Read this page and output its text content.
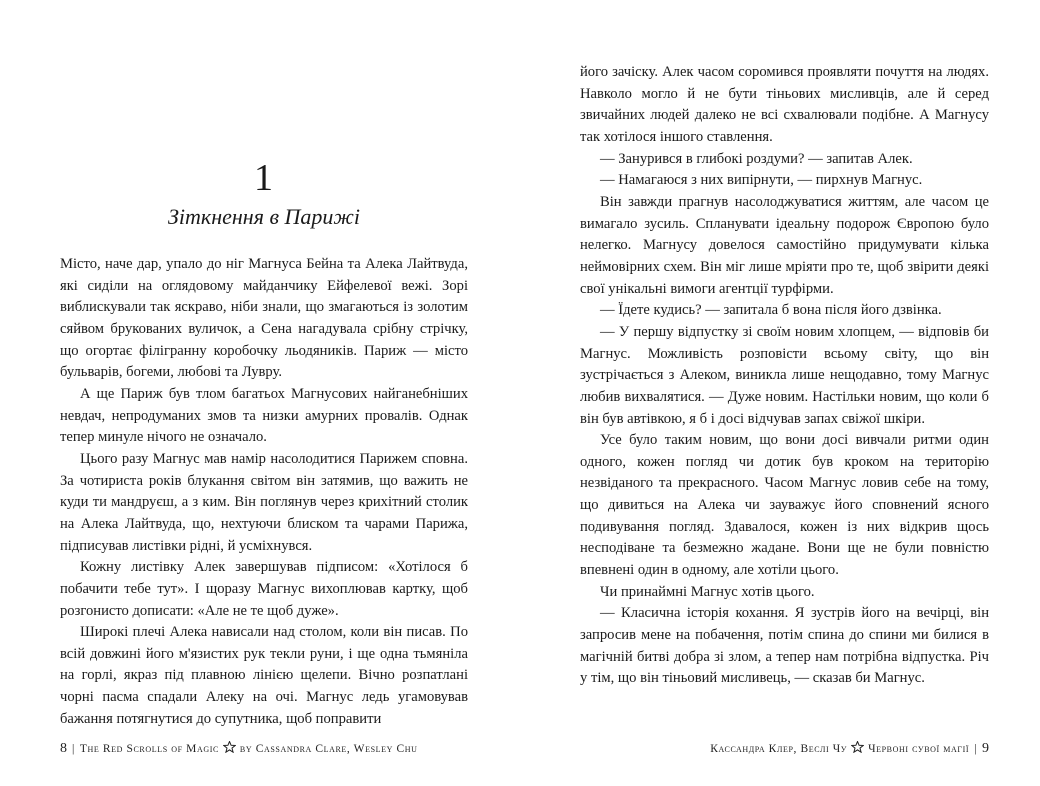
1
Зіткнення в Парижі

Місто, наче дар, упало до ніг Магнуса Бейна та Алека Лайтвуда, які сиділи на оглядовому майданчику Ейфелевої вежі. Зорі виблискували так яскраво, ніби знали, що змагаються із золотим сяйвом брукованих вуличок, а Сена нагадувала срібну стрічку, що огортає філігранну коробочку льодяників. Париж — місто бульварів, богеми, любові та Лувру.

А ще Париж був тлом багатьох Магнусових найганебніших невдач, непродуманих змов та низки амурних провалів. Однак тепер минуле нічого не означало.

Цього разу Магнус мав намір насолодитися Парижем сповна. За чотириста років блукання світом він затямив, що важить не куди ти мандруєш, а з ким. Він поглянув через крихітний столик на Алека Лайтвуда, що, нехтуючи блиском та чарами Парижа, підписував листівки рідні, й усміхнувся.

Кожну листівку Алек завершував підписом: «Хотілося б побачити тебе тут». І щоразу Магнус вихоплював картку, щоб розгонисто дописати: «Але не те щоб дуже».

Широкі плечі Алека нависали над столом, коли він писав. По всій довжині його м'язистих рук текли руни, і ще одна тьмяніла на горлі, якраз під плавною лінією щелепи. Вічно розпатлані чорні пасма спадали Алеку на очі. Магнус ледь угамовував бажання потягнутися до супутника, щоб поправити

8 | The Red Scrolls of Magic by Cassandra Clare, Wesley Chu

його зачіску. Алек часом соромився проявляти почуття на людях. Навколо могло й не бути тіньових мисливців, але й серед звичайних людей далеко не всі схвалювали подібне. А Магнусу так хотілося іншого ставлення.

— Занурився в глибокі роздуми? — запитав Алек.

— Намагаюся з них випірнути, — пирхнув Магнус.

Він завжди прагнув насолоджуватися життям, але часом це вимагало зусиль. Спланувати ідеальну подорож Європою було нелегко. Магнусу довелося самостійно придумувати кілька неймовірних схем. Він міг лише мріяти про те, щоб звірити деякі свої унікальні вимоги агентції турфірми.

— Їдете кудись? — запитала б вона після його дзвінка.

— У першу відпустку зі своїм новим хлопцем, — відповів би Магнус. Можливість розповісти всьому світу, що він зустрічається з Алеком, виникла лише нещодавно, тому Магнус любив вихвалятися. — Дуже новим. Настільки новим, що коли б він був автівкою, я б і досі відчував запах свіжої шкіри.

Усе було таким новим, що вони досі вивчали ритми один одного, кожен погляд чи дотик був кроком на територію незвіданого та прекрасного. Часом Магнус ловив себе на тому, що дивиться на Алека чи зауважує його сповнений ясного подивування погляд. Здавалося, кожен із них відкрив щось несподіване та безмежно жадане. Вони ще не були повністю впевнені один в одному, але хотіли цього.

Чи принаймні Магнус хотів цього.

— Класична історія кохання. Я зустрів його на вечірці, він запросив мене на побачення, потім спина до спини ми билися в магічній битві добра зі злом, а тепер нам потрібна відпустка. Річ у тім, що він тіньовий мисливець, — сказав би Магнус.

Кассандра Клер, Веслі Чу Червоні сувої магії | 9
